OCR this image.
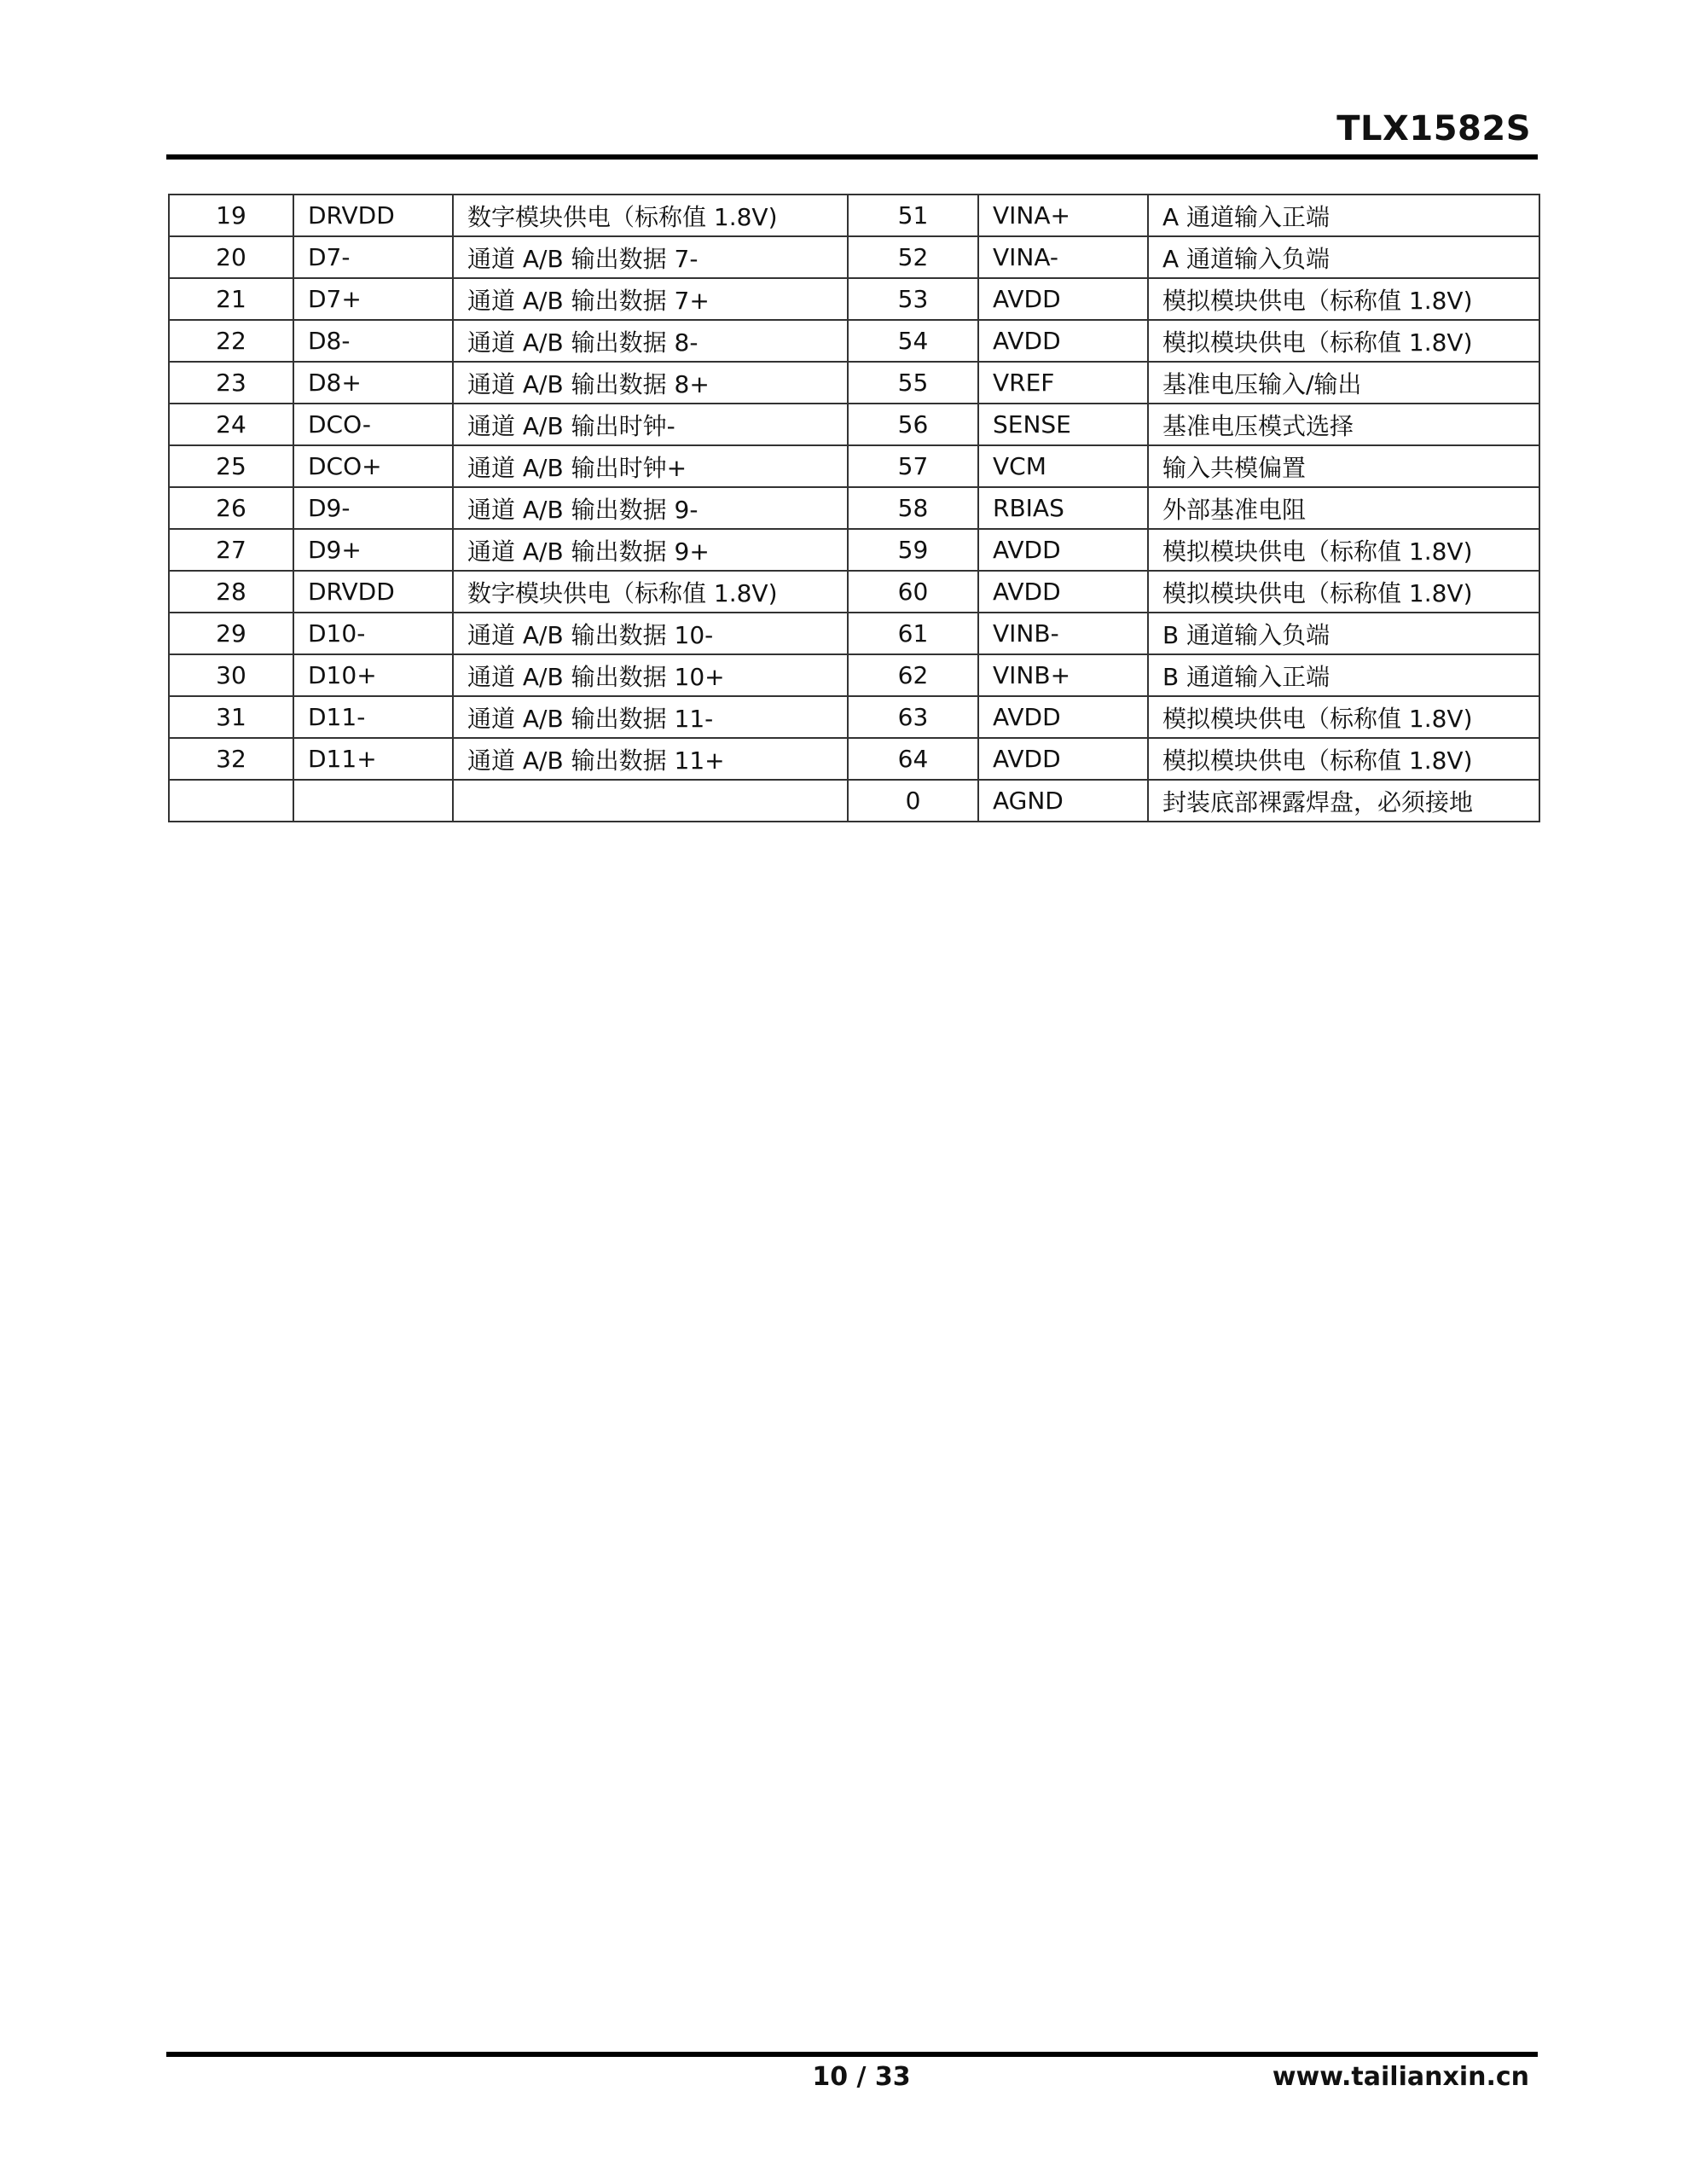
TLX1582S
19	DRVDD	数字模块供电（标称值 1.8V)	51	VINA+	A 通道输入正端
20	D7-	通道 A/B 输出数据 7-	52	VINA-	A 通道输入负端
21	D7+	通道 A/B 输出数据 7+	53	AVDD	模拟模块供电（标称值 1.8V)
22	D8-	通道 A/B 输出数据 8-	54	AVDD	模拟模块供电（标称值 1.8V)
23	D8+	通道 A/B 输出数据 8+	55	VREF	基准电压输入/输出
24	DCO-	通道 A/B 输出时钟-	56	SENSE	基准电压模式选择
25	DCO+	通道 A/B 输出时钟+	57	VCM	输入共模偏置
26	D9-	通道 A/B 输出数据 9-	58	RBIAS	外部基准电阻
27	D9+	通道 A/B 输出数据 9+	59	AVDD	模拟模块供电（标称值 1.8V)
28	DRVDD	数字模块供电（标称值 1.8V)	60	AVDD	模拟模块供电（标称值 1.8V)
29	D10-	通道 A/B 输出数据 10-	61	VINB-	B 通道输入负端
30	D10+	通道 A/B 输出数据 10+	62	VINB+	B 通道输入正端
31	D11-	通道 A/B 输出数据 11-	63	AVDD	模拟模块供电（标称值 1.8V)
32	D11+	通道 A/B 输出数据 11+	64	AVDD	模拟模块供电（标称值 1.8V)
			0	AGND	封装底部裸露焊盘，必须接地
10 / 33	www.tailianxin.cn
